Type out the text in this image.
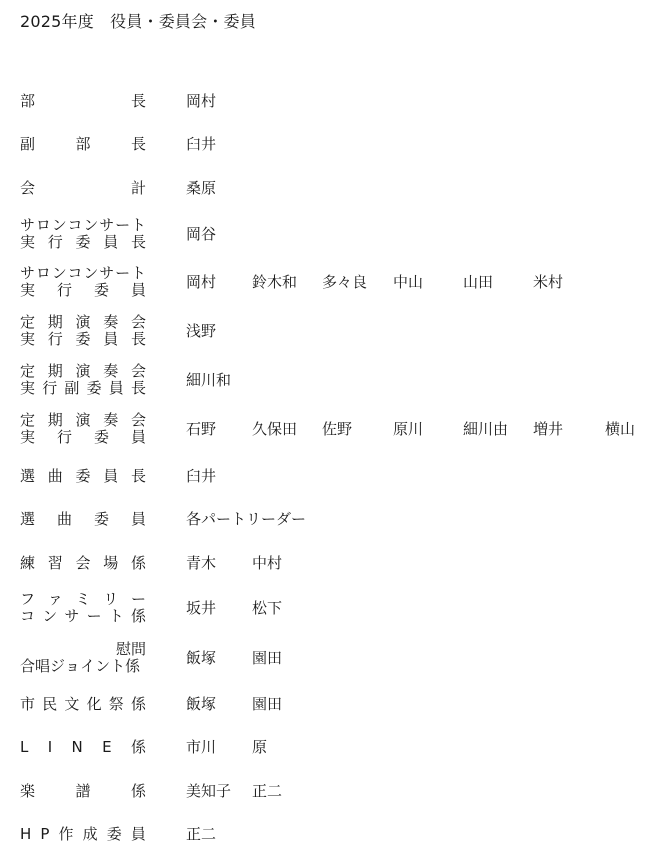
2025年度　役員・委員会・委員
部	長	岡村
副	部	長	臼井
会	計	桑原
サ ロ ン コ ン サ ー ト
実 行 委 員 長	岡谷
サ ロ ン コ ン サ ー ト
実 行 委 員	岡村 鈴木和 多々良 中山	山田	米村
定 期 演 奏 会
実 行 委 員 長	浅野
定 期 演 奏 会
実 行 副 委 員 長	細川和
定 期 演 奏 会
実 行 委 員	石野 久保田 佐野	原川	細川由 増井	横山
選 曲 委 員 長	臼井
選 曲 委 員	各パートリーダー
練 習 会 場 係	青木 中村
フ ァ ミ リ ー
コ ン サ ー ト 係	坂井 松下
慰 問
合 唱 ジ ョ イ ン ト 係	飯塚 園田
市 民 文 化 祭 係	飯塚 園田
L I N E 係	市川 原
楽	譜	係	美知子 正二
H P 作 成 委 員	正二
